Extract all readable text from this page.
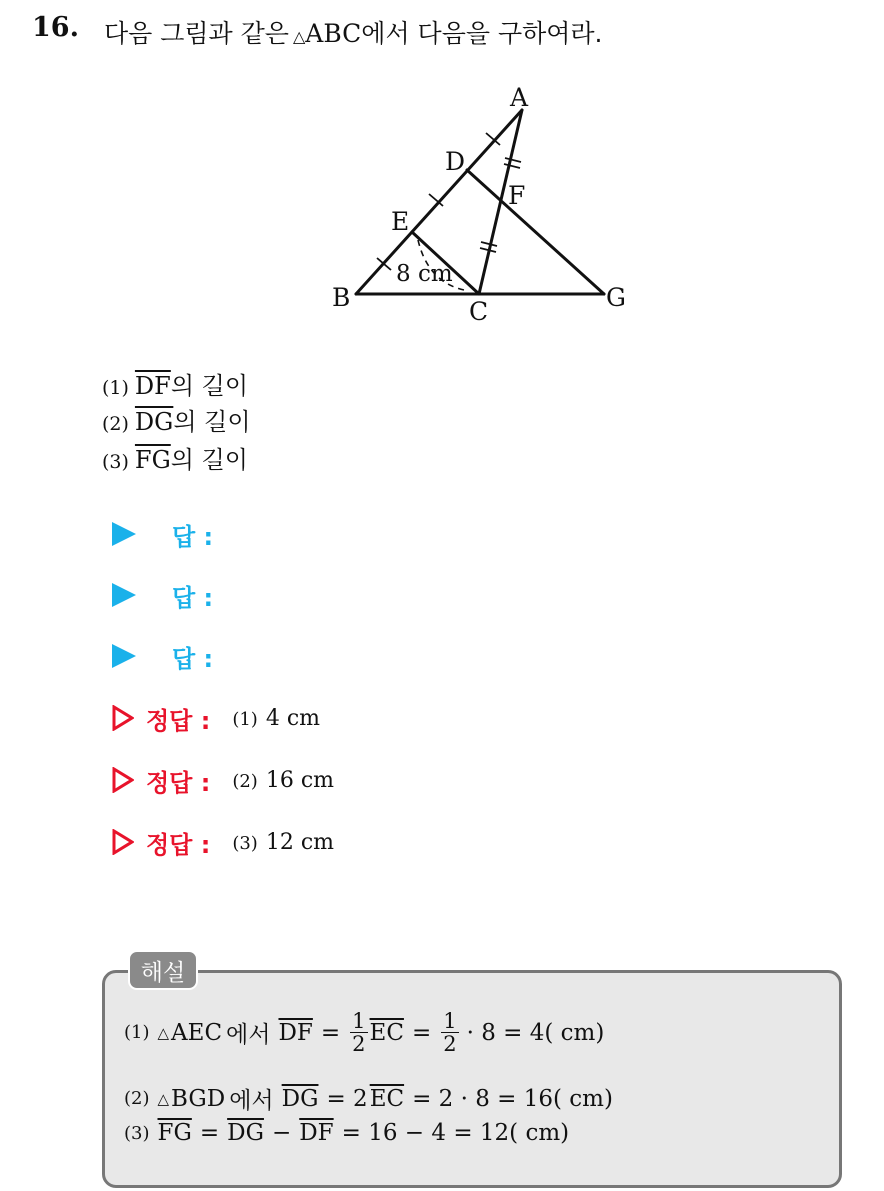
16. 다음 그림과 같은 △ABC에서 다음을 구하여라.
A
D
F
E
B	C	G
8 cm
(1) $\overline{DF}$의 길이
(2) $\overline{DG}$의 길이
(3) $\overline{FG}$의 길이
답 :
답 :
답 :
정답 : (1) 4 cm
정답 : (2) 16 cm
정답 : (3) 12 cm
해설
(1) △ AEC 에서 $\overline{DF} = \frac{1}{2} \overline{EC} = \frac{1}{2} \cdot 8 = 4$( cm)
(2) △ BGD 에서 $\overline{DG} = 2$ $\overline{EC} = 2 \cdot 8 = 16$( cm)
(3) $\overline{FG} = \overline{DG} - \overline{DF} = 16 - 4 = 12$( cm)
